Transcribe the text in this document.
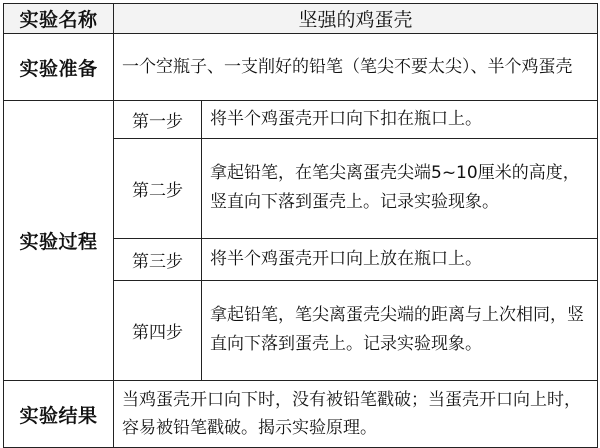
实验名称	坚强的鸡蛋壳	
实验准备	一个空瓶子、一支削好的铅笔（笔尖不要太尖）、半个鸡蛋壳	
实验过程	第一步	将半个鸡蛋壳开口向下扣在瓶口上。
	第二步	拿起铅笔，在笔尖离蛋壳尖端5~10厘米的高度，竖直向下落到蛋壳上。记录实验现象。
	第三步	将半个鸡蛋壳开口向上放在瓶口上。
	第四步	拿起铅笔，笔尖离蛋壳尖端的距离与上次相同，竖直向下落到蛋壳上。记录实验现象。
实验结果	当鸡蛋壳开口向下时，没有被铅笔戳破；当蛋壳开口向上时，容易被铅笔戳破。揭示实验原理。	
